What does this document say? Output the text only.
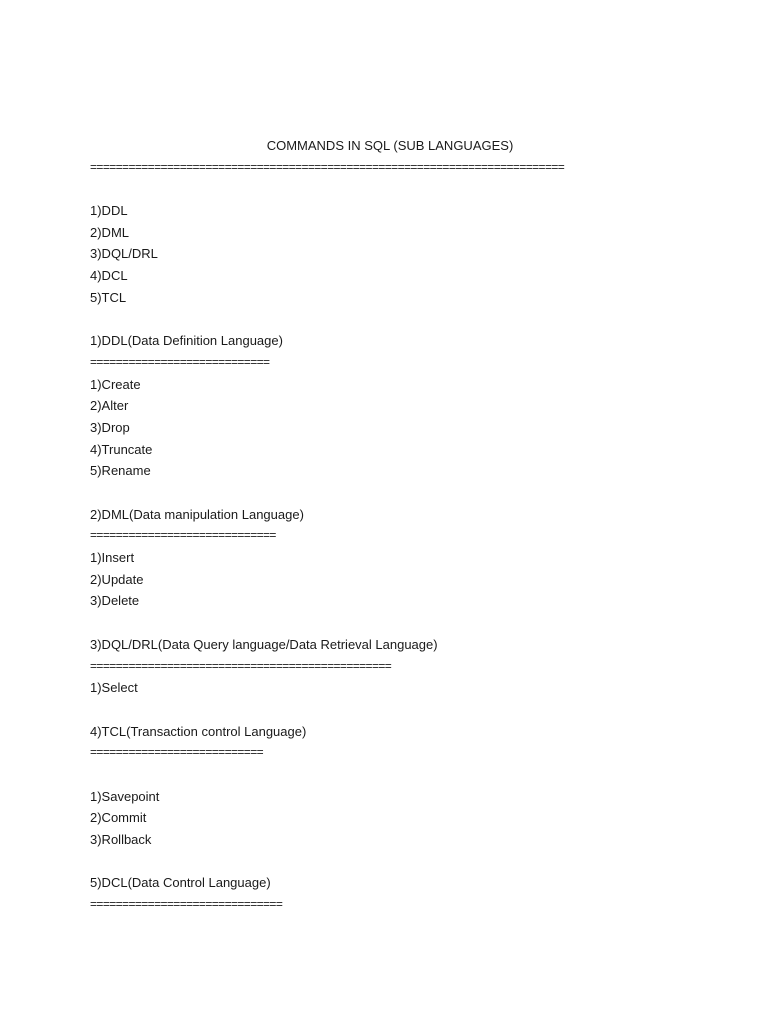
COMMANDS IN SQL (SUB LANGUAGES)
==========================================================================
1)DDL
2)DML
3)DQL/DRL
4)DCL
5)TCL
1)DDL(Data Definition Language)
============================
1)Create
2)Alter
3)Drop
4)Truncate
5)Rename
2)DML(Data manipulation Language)
=============================
1)Insert
2)Update
3)Delete
3)DQL/DRL(Data Query language/Data Retrieval Language)
===============================================
1)Select
4)TCL(Transaction control Language)
===========================
1)Savepoint
2)Commit
3)Rollback
5)DCL(Data Control Language)
==============================
